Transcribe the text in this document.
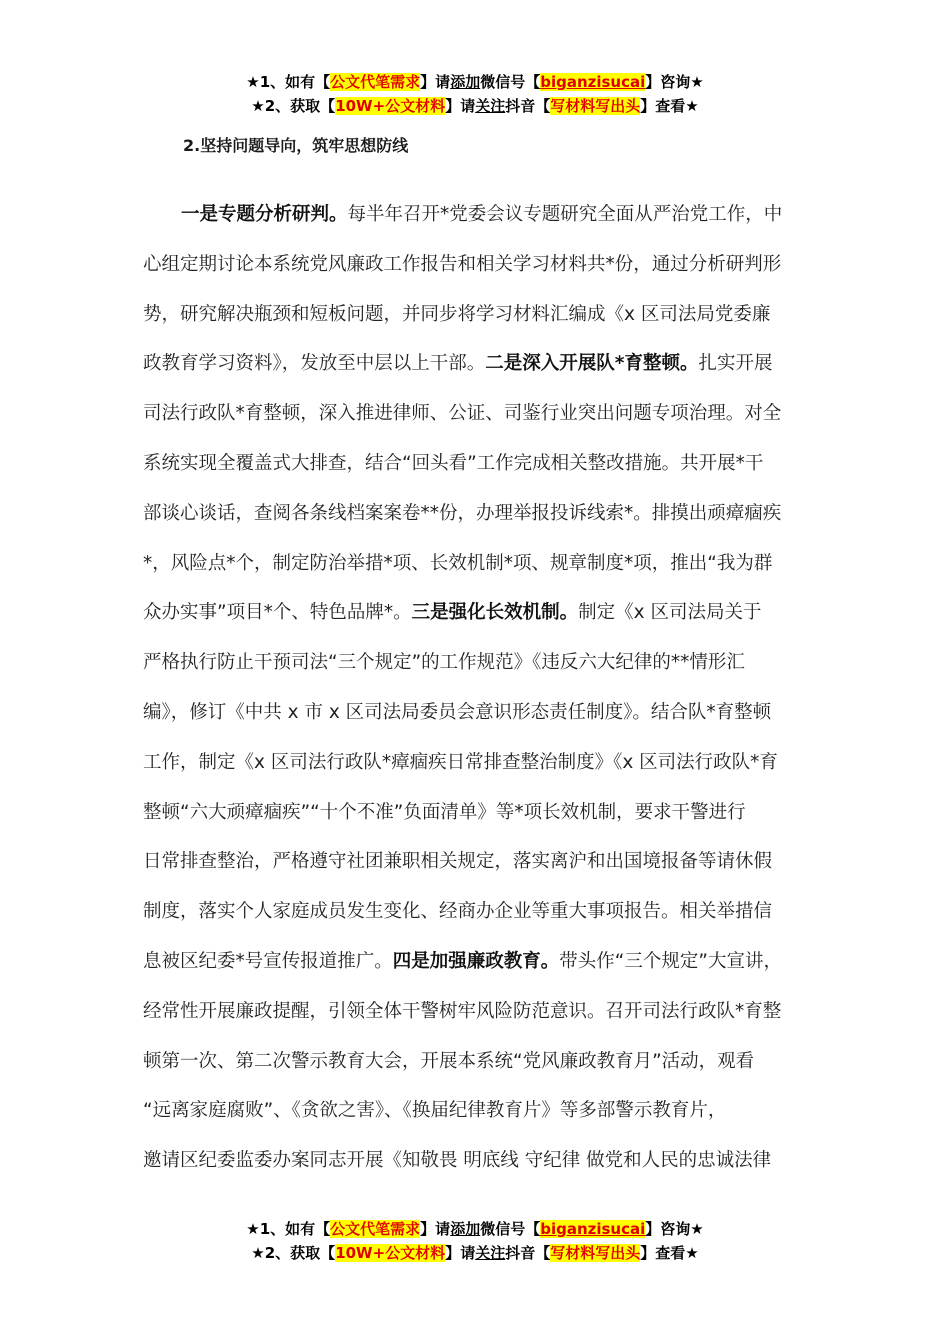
★1、如有【公文代笔需求】请添加微信号【biganzisucai】咨询★
★2、获取【10W+公文材料】请关注抖音【写材料写出头】查看★
2.坚持问题导向，筑牢思想防线
一是专题分析研判。每半年召开*党委会议专题研究全面从严治党工作，中
心组定期讨论本系统党风廉政工作报告和相关学习材料共*份，通过分析研判形
势，研究解决瓶颈和短板问题，并同步将学习材料汇编成《x 区司法局党委廉
政教育学习资料》，发放至中层以上干部。二是深入开展队*育整顿。扎实开展
司法行政队*育整顿，深入推进律师、公证、司鉴行业突出问题专项治理。对全
系统实现全覆盖式大排查，结合“回头看”工作完成相关整改措施。共开展*干
部谈心谈话，查阅各条线档案案卷**份，办理举报投诉线索*。排摸出顽瘴痼疾
*，风险点*个，制定防治举措*项、长效机制*项、规章制度*项，推出“我为群
众办实事”项目*个、特色品牌*。三是强化长效机制。制定《x 区司法局关于
严格执行防止干预司法“三个规定”的工作规范》《违反六大纪律的**情形汇
编》，修订《中共 x 市 x 区司法局委员会意识形态责任制度》。结合队*育整顿
工作，制定《x 区司法行政队*瘴痼疾日常排查整治制度》《x 区司法行政队*育
整顿“六大顽瘴痼疾”“十个不准”负面清单》等*项长效机制，要求干警进行
日常排查整治，严格遵守社团兼职相关规定，落实离沪和出国境报备等请休假
制度，落实个人家庭成员发生变化、经商办企业等重大事项报告。相关举措信
息被区纪委*号宣传报道推广。四是加强廉政教育。带头作“三个规定”大宣讲，
经常性开展廉政提醒，引领全体干警树牢风险防范意识。召开司法行政队*育整
顿第一次、第二次警示教育大会，开展本系统“党风廉政教育月”活动，观看
“远离家庭腐败”、《贪欲之害》、《换届纪律教育片》等多部警示教育片，
邀请区纪委监委办案同志开展《知敬畏 明底线 守纪律 做党和人民的忠诚法律
★1、如有【公文代笔需求】请添加微信号【biganzisucai】咨询★
★2、获取【10W+公文材料】请关注抖音【写材料写出头】查看★
